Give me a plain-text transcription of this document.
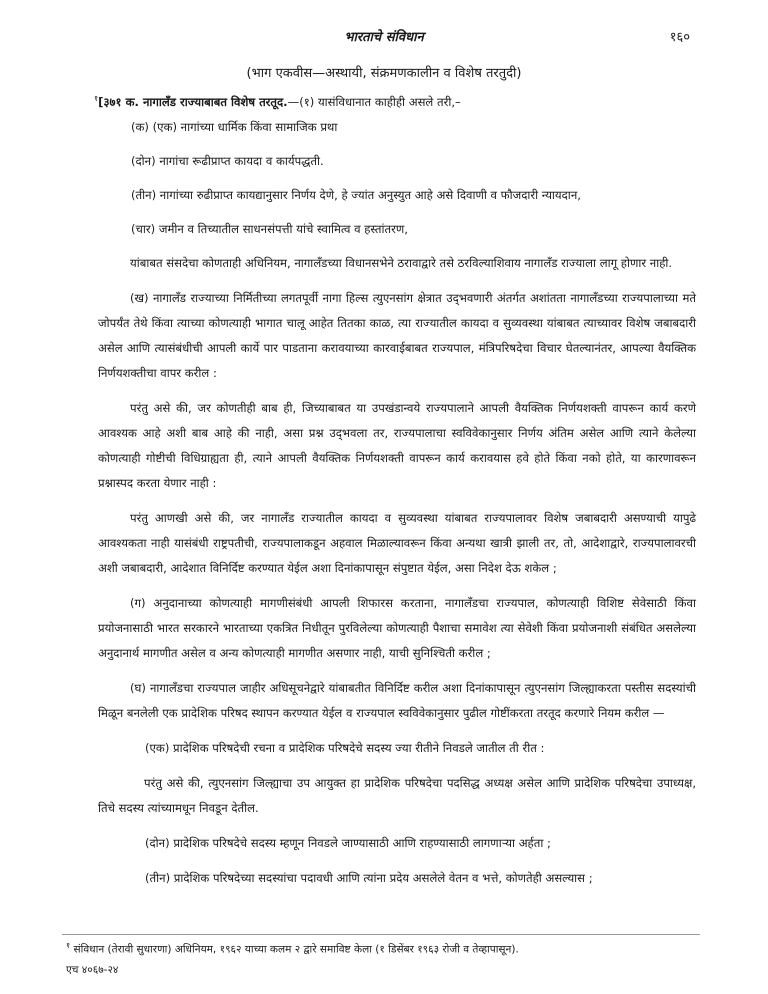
भारताचे संविधान	१६०
(भाग एकवीस—अस्थायी, संक्रमणकालीन व विशेष तरतुदी)

$^१$[३७१ क. नागालँड राज्याबाबत विशेष तरतूद.—(१) यासंविधानात काहीही असले तरी,–

(क) (एक) नागांच्या धार्मिक किंवा सामाजिक प्रथा

(दोन) नागांचा रूढीप्राप्त कायदा व कार्यपद्धती.

(तीन) नागांच्या रुढीप्राप्त कायद्यानुसार निर्णय देणे, हे ज्यांत अनुस्युत आहे असे दिवाणी व फौजदारी न्यायदान,

(चार) जमीन व तिच्यातील साधनसंपत्ती यांचे स्वामित्व व हस्तांतरण,

यांबाबत संसदेचा कोणताही अधिनियम, नागालँडच्या विधानसभेने ठरावाद्वारे तसे ठरविल्याशिवाय नागालँड राज्याला लागू होणार नाही.

(ख) नागालँड राज्याच्या निर्मितीच्या लगतपूर्वी नागा हिल्स त्युएनसांग क्षेत्रात उद्‌भवणारी अंतर्गत अशांतता नागालँडच्या राज्यपालाच्या मते जोपर्यंत तेथे किंवा त्याच्या कोणत्याही भागात चालू आहेत तितका काळ, त्या राज्यातील कायदा व सुव्यवस्था यांबाबत त्याच्यावर विशेष जबाबदारी असेल आणि त्यासंबंधीची आपली कार्ये पार पाडताना करावयाच्या कारवाईबाबत राज्यपाल, मंत्रिपरिषदेचा विचार घेतल्यानंतर, आपल्या वैयक्तिक निर्णयशक्तीचा वापर करील :

परंतु असे की, जर कोणतीही बाब ही, जिच्याबाबत या उपखंडान्वये राज्यपालाने आपली वैयक्तिक निर्णयशक्ती वापरून कार्य करणे आवश्यक आहे अशी बाब आहे की नाही, असा प्रश्न उद्‌भवला तर, राज्यपालाचा स्वविवेकानुसार निर्णय अंतिम असेल आणि त्याने केलेल्या कोणत्याही गोष्टीची विधिग्राह्यता ही, त्याने आपली वैयक्तिक निर्णयशक्ती वापरून कार्य करावयास हवे होते किंवा नको होते, या कारणावरून प्रश्नास्पद करता येणार नाही :

परंतु आणखी असे की, जर नागालँड राज्यातील कायदा व सुव्यवस्था यांबाबत राज्यपालावर विशेष जबाबदारी असण्याची यापुढे आवश्यकता नाही यासंबंधी राष्ट्रपतीची, राज्यपालाकडून अहवाल मिळाल्यावरून किंवा अन्यथा खात्री झाली तर, तो, आदेशाद्वारे, राज्यपालावरची अशी जबाबदारी, आदेशात विनिर्दिष्ट करण्यात येईल अशा दिनांकापासून संपुष्टात येईल, असा निदेश देऊ शकेल ;

(ग) अनुदानाच्या कोणत्याही मागणीसंबंधी आपली शिफारस करताना, नागालँडचा राज्यपाल, कोणत्याही विशिष्ट सेवेसाठी किंवा प्रयोजनासाठी भारत सरकारने भारताच्या एकत्रित निधीतून पुरविलेल्या कोणत्याही पैशाचा समावेश त्या सेवेशी किंवा प्रयोजनाशी संबंधित असलेल्या अनुदानार्थ मागणीत असेल व अन्य कोणत्याही मागणीत असणार नाही, याची सुनिश्चिती करील ;

(घ) नागालँडचा राज्यपाल जाहीर अधिसूचनेद्वारे यांबाबतीत विनिर्दिष्ट करील अशा दिनांकापासून त्युएनसांग जिल्ह्याकरता पस्तीस सदस्यांची मिळून बनलेली एक प्रादेशिक परिषद स्थापन करण्यात येईल व राज्यपाल स्वविवेकानुसार पुढील गोष्टींकरता तरतूद करणारे नियम करील —

(एक) प्रादेशिक परिषदेची रचना व प्रादेशिक परिषदेचे सदस्य ज्या रीतीने निवडले जातील ती रीत :

परंतु असे की, त्युएनसांग जिल्ह्याचा उप आयुक्त हा प्रादेशिक परिषदेचा पदसिद्ध अध्यक्ष असेल आणि प्रादेशिक परिषदेचा उपाध्यक्ष, तिचे सदस्य त्यांच्यामधून निवडून देतील.

(दोन) प्रादेशिक परिषदेचे सदस्य म्हणून निवडले जाण्यासाठी आणि राहण्यासाठी लागणाऱ्या अर्हता ;

(तीन) प्रादेशिक परिषदेच्या सदस्यांचा पदावधी आणि त्यांना प्रदेय असलेले वेतन व भत्ते, कोणतेही असल्यास ;

$^१$ संविधान (तेरावी सुधारणा) अधिनियम, १९६२ याच्या कलम २ द्वारे समाविष्ट केला (१ डिसेंबर १९६३ रोजी व तेव्हापासून).
एच ४०६७-२४
